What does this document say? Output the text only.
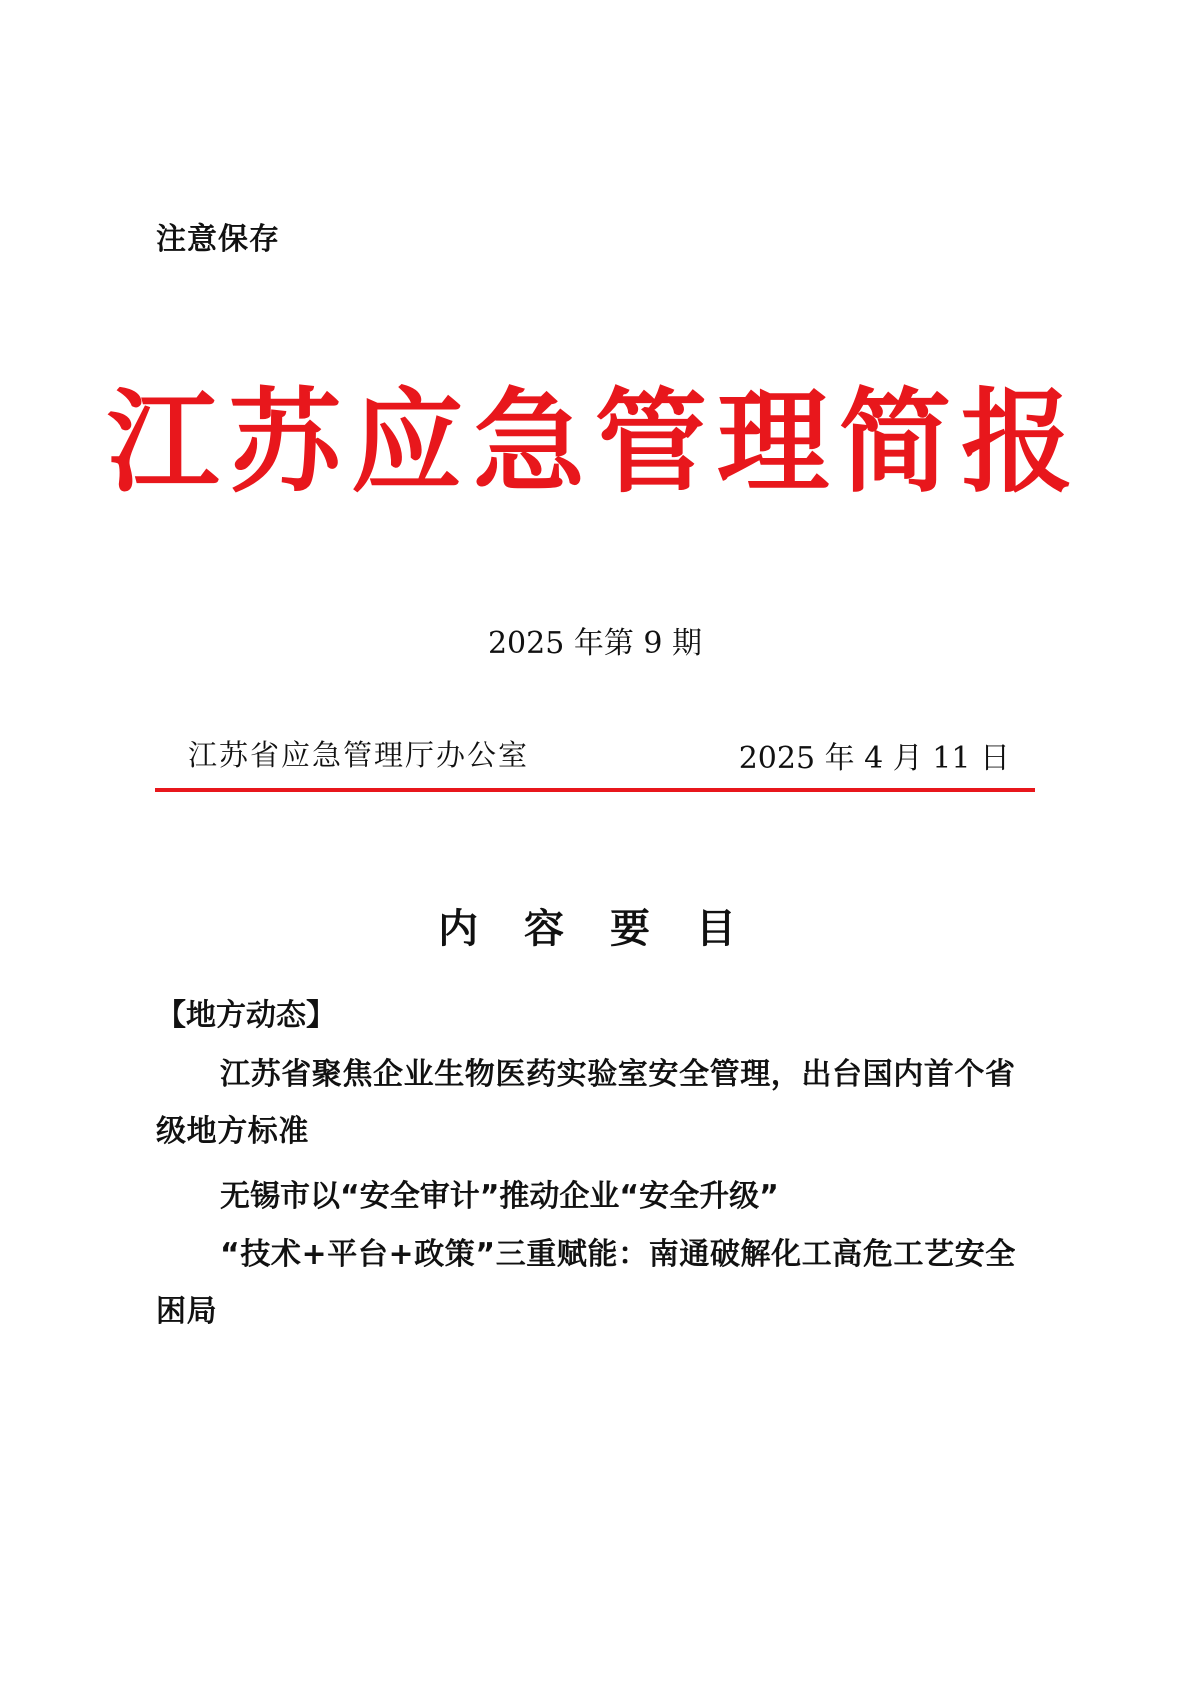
注意保存
江苏应急管理简报
2025 年第 9 期
江苏省应急管理厅办公室	2025 年 4 月 11 日
内 容 要 目
【地方动态】
江苏省聚焦企业生物医药实验室安全管理，出台国内首个省级地方标准
无锡市以“安全审计”推动企业“安全升级”
“技术+平台+政策”三重赋能：南通破解化工高危工艺安全困局
